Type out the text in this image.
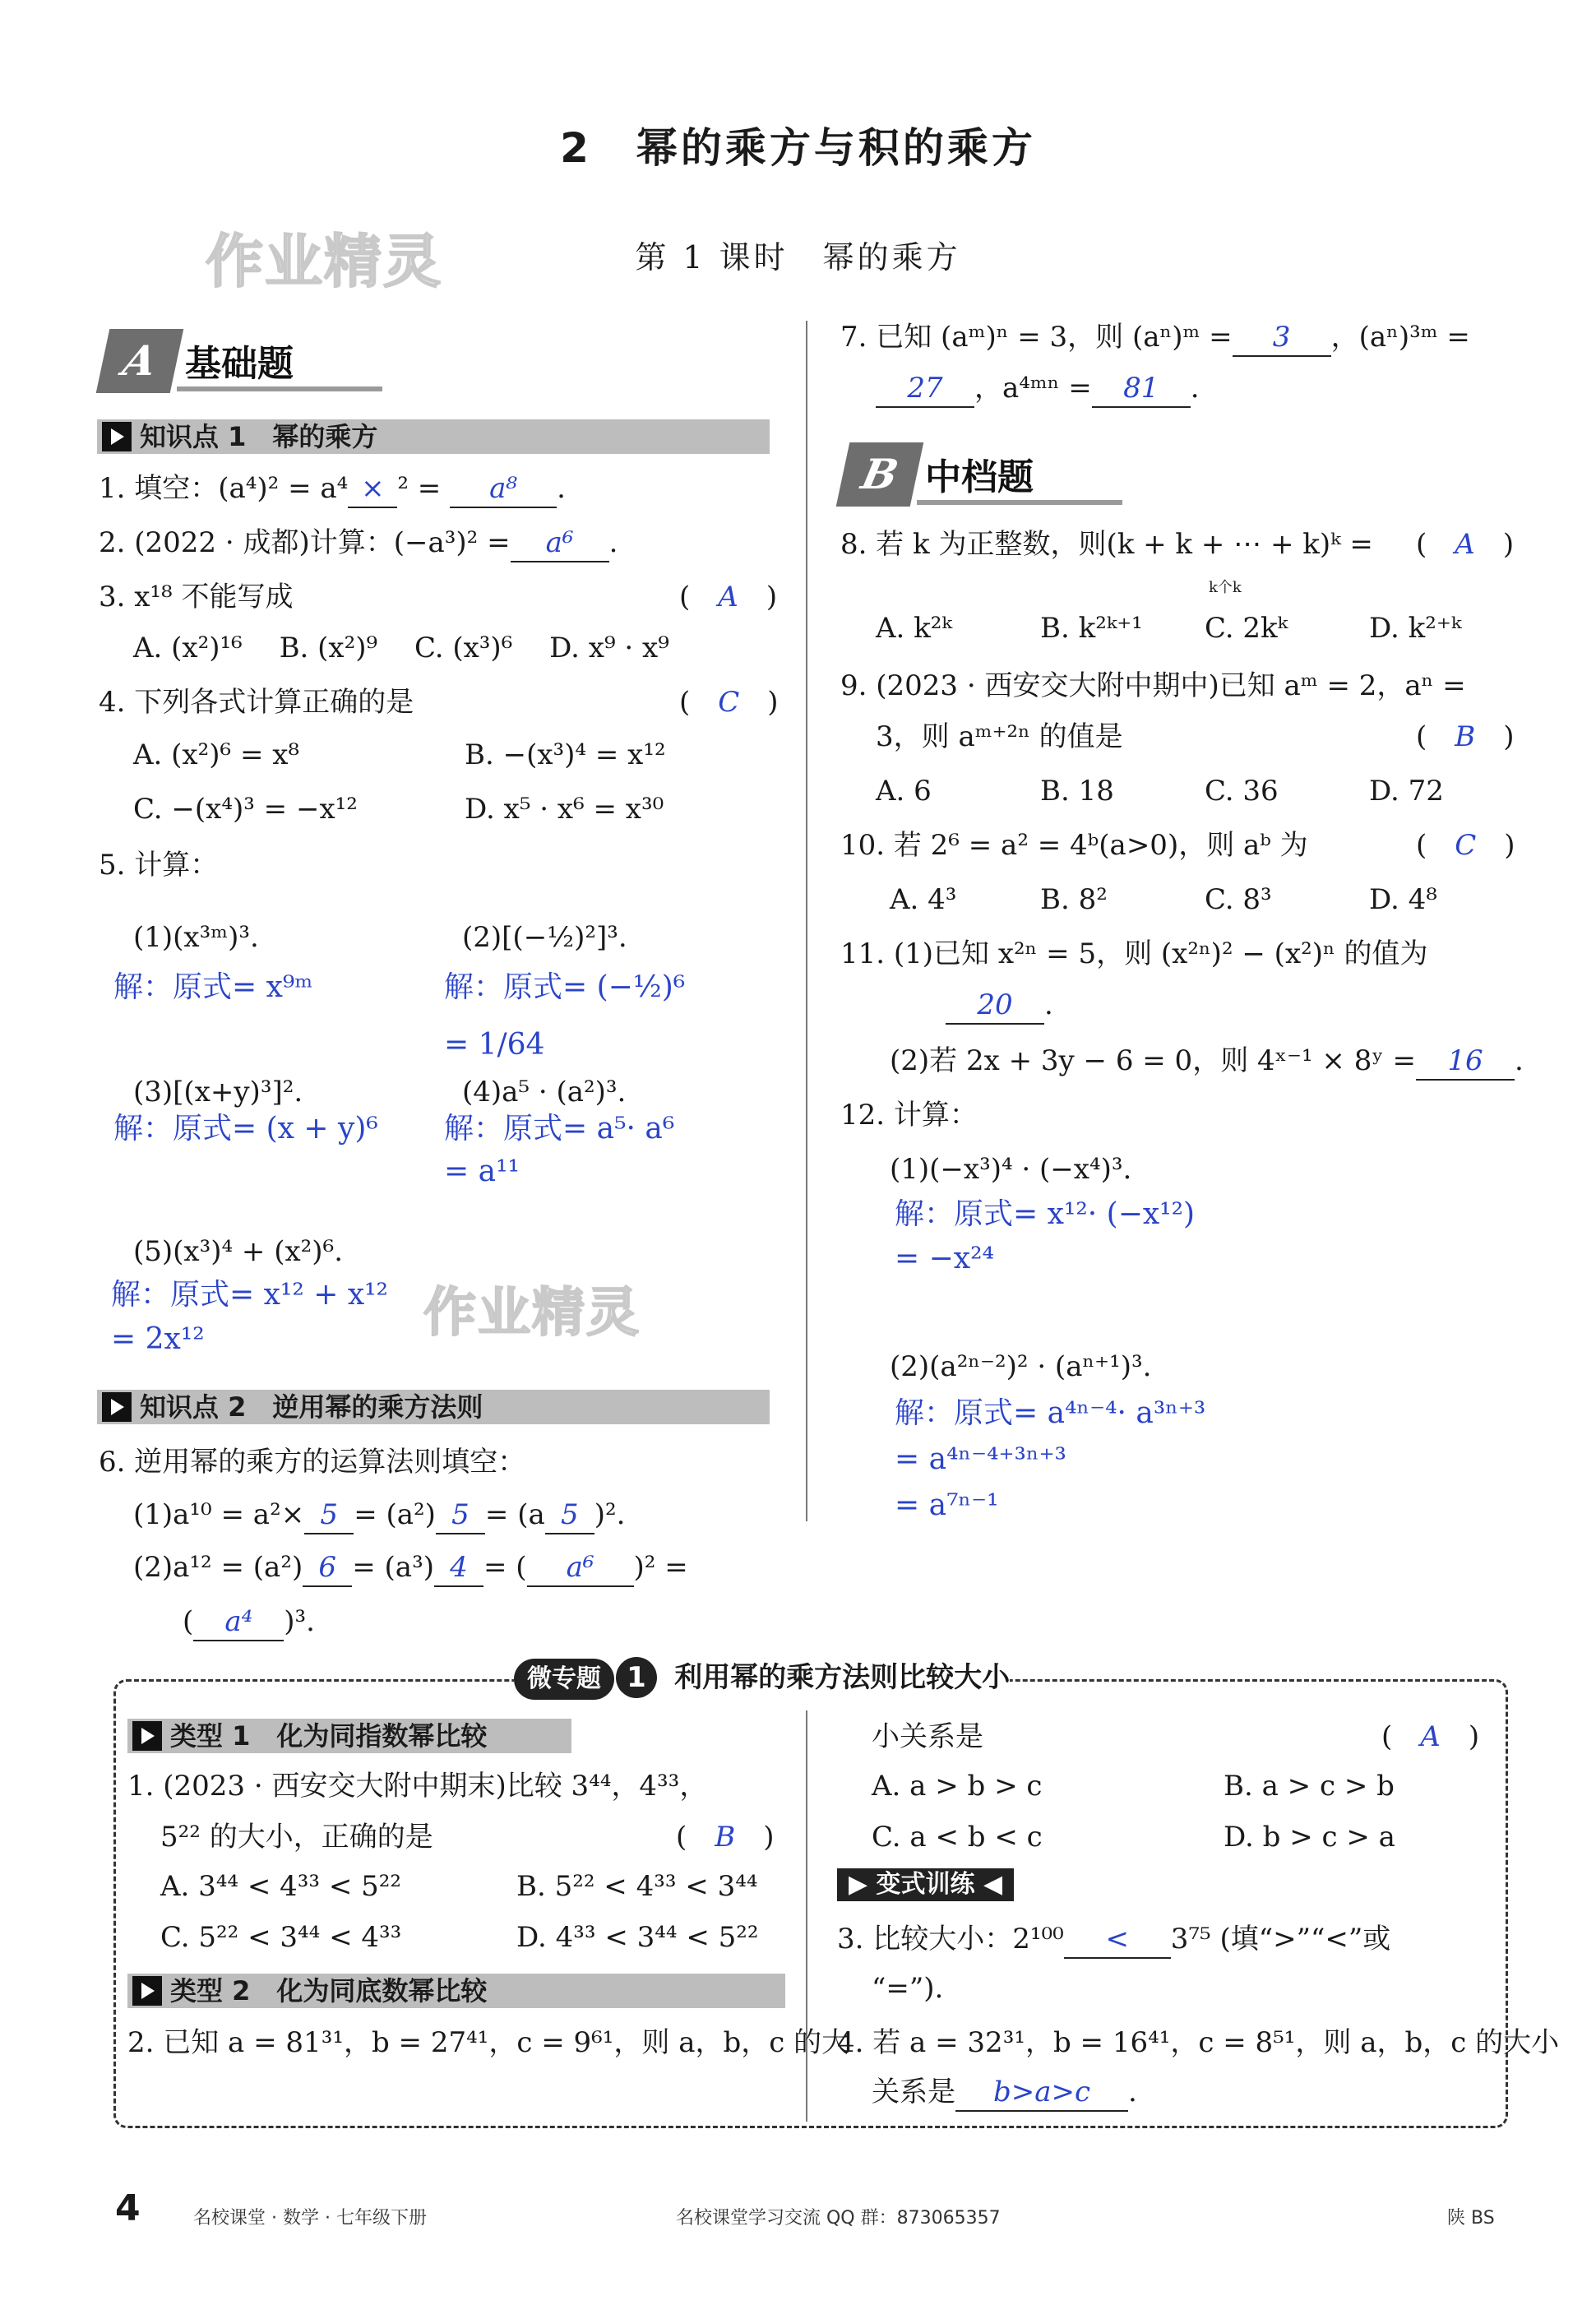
2　幂的乘方与积的乘方
第 1 课时　幂的乘方
作业精灵
作业精灵
A 基础题
知识点 1　幂的乘方
1. 填空：(a⁴)² = a⁴ × ² = a⁸ .
2. (2022 · 成都)计算：(−a³)² = a⁶ .
3. x¹⁸ 不能写成	(　A　)
A. (x²)¹⁶　 B. (x²)⁹　 C. (x³)⁶　 D. x⁹ · x⁹
4. 下列各式计算正确的是	(　C　)
A. (x²)⁶ = x⁸	B. −(x³)⁴ = x¹²
C. −(x⁴)³ = −x¹²	D. x⁵ · x⁶ = x³⁰
5. 计算：
(1)(x³ᵐ)³.
解：原式= x⁹ᵐ
(2)[(−½)²]³.
解：原式= (−½)⁶
= 1/64
(3)[(x+y)³]².
解：原式= (x + y)⁶
(4)a⁵ · (a²)³.
解：原式= a⁵· a⁶
= a¹¹
(5)(x³)⁴ + (x²)⁶.
解：原式= x¹² + x¹²
= 2x¹²
知识点 2　逆用幂的乘方法则
6. 逆用幂的乘方的运算法则填空：
(1)a¹⁰ = a²× 5 = (a²) 5 = (a 5 )².
(2)a¹² = (a²) 6 = (a³) 4 = ( a⁶ )² =
( a⁴ )³.
7. 已知 (aᵐ)ⁿ = 3，则 (aⁿ)ᵐ = 3 ，(aⁿ)³ᵐ =
27 ，a⁴ᵐⁿ = 81 .
B 中档题
8. 若 k 为正整数，则(k + k + ⋯ + k)ᵏ =
k个k
(　A　)
A. k²ᵏ	B. k²ᵏ⁺¹ C. 2kᵏ	D. k²⁺ᵏ
9. (2023 · 西安交大附中期中)已知 aᵐ = 2，aⁿ =
3，则 aᵐ⁺²ⁿ 的值是	(　B　)
A. 6	B. 18	C. 36	D. 72
10. 若 2⁶ = a² = 4ᵇ(a>0)，则 aᵇ 为	(　C　)
A. 4³	B. 8²	C. 8³	D. 4⁸
11. (1)已知 x²ⁿ = 5，则 (x²ⁿ)² − (x²)ⁿ 的值为
20 .
(2)若 2x + 3y − 6 = 0，则 4ˣ⁻¹ × 8ʸ = 16 .
12. 计算：
(1)(−x³)⁴ · (−x⁴)³.
解：原式= x¹²· (−x¹²)
= −x²⁴
(2)(a²ⁿ⁻²)² · (aⁿ⁺¹)³.
解：原式= a⁴ⁿ⁻⁴· a³ⁿ⁺³
= a⁴ⁿ⁻⁴⁺³ⁿ⁺³
= a⁷ⁿ⁻¹
微专题 1 利用幂的乘方法则比较大小
类型 1　化为同指数幂比较
1. (2023 · 西安交大附中期末)比较 3⁴⁴，4³³，
5²² 的大小，正确的是	(　B　)
A. 3⁴⁴ < 4³³ < 5²²	B. 5²² < 4³³ < 3⁴⁴
C. 5²² < 3⁴⁴ < 4³³	D. 4³³ < 3⁴⁴ < 5²²
类型 2　化为同底数幂比较
2. 已知 a = 81³¹，b = 27⁴¹，c = 9⁶¹，则 a，b，c 的大
小关系是	(　A　)
A. a > b > c	B. a > c > b
C. a < b < c	D. b > c > a
▶ 变式训练 ◀
3. 比较大小：2¹⁰⁰ < 3⁷⁵ (填“>”“<”或
“=”).
4. 若 a = 32³¹，b = 16⁴¹，c = 8⁵¹，则 a，b，c 的大小
关系是 b>a>c .
4	名校课堂 · 数学 · 七年级下册	名校课堂学习交流 QQ 群：873065357	陕 BS
